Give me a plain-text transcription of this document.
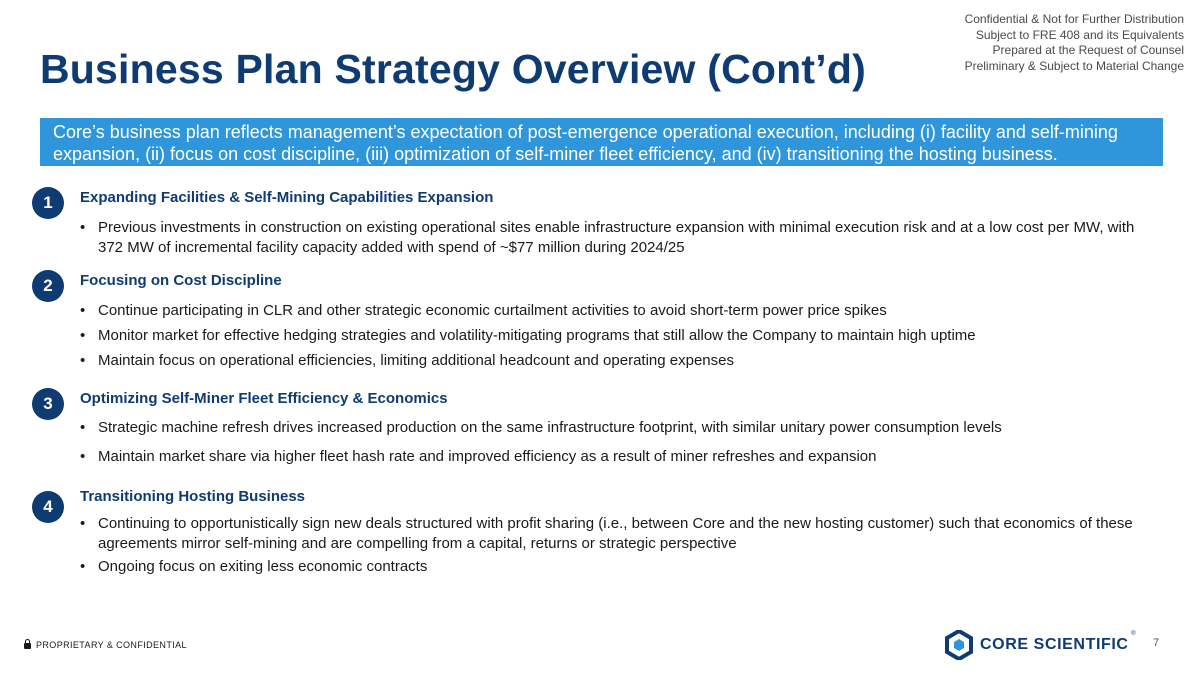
Confidential & Not for Further Distribution
Subject to FRE 408 and its Equivalents
Prepared at the Request of Counsel
Preliminary & Subject to Material Change
Business Plan Strategy Overview (Cont’d)
Core’s business plan reflects management’s expectation of post-emergence operational execution, including (i) facility and self-mining expansion, (ii) focus on cost discipline, (iii) optimization of self-miner fleet efficiency, and (iv) transitioning the hosting business.
1	Expanding Facilities & Self-Mining Capabilities Expansion
• Previous investments in construction on existing operational sites enable infrastructure expansion with minimal execution risk and at a low cost per MW, with 372 MW of incremental facility capacity added with spend of ~$77 million during 2024/25
2	Focusing on Cost Discipline
• Continue participating in CLR and other strategic economic curtailment activities to avoid short-term power price spikes
• Monitor market for effective hedging strategies and volatility-mitigating programs that still allow the Company to maintain high uptime
• Maintain focus on operational efficiencies, limiting additional headcount and operating expenses
3	Optimizing Self-Miner Fleet Efficiency & Economics
• Strategic machine refresh drives increased production on the same infrastructure footprint, with similar unitary power consumption levels
• Maintain market share via higher fleet hash rate and improved efficiency as a result of miner refreshes and expansion
4
Transitioning Hosting Business
• Continuing to opportunistically sign new deals structured with profit sharing (i.e., between Core and the new hosting customer) such that economics of these agreements mirror self-mining and are compelling from a capital, returns or strategic perspective
• Ongoing focus on exiting less economic contracts
PROPRIETARY & CONFIDENTIAL	CORE SCIENTIFIC
®
7
